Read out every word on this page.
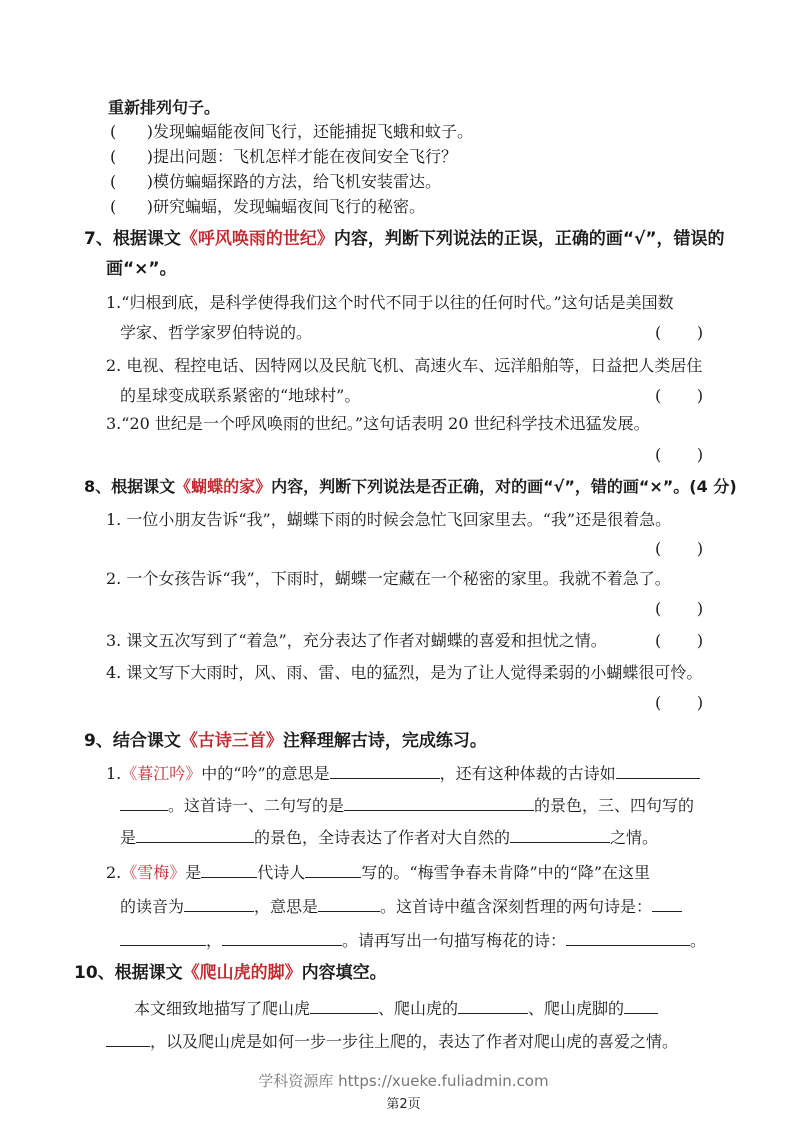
重新排列句子。
(      )发现蝙蝠能夜间飞行，还能捕捉飞蛾和蚊子。
(      )提出问题：飞机怎样才能在夜间安全飞行？
(      )模仿蝙蝠探路的方法，给飞机安装雷达。
(      )研究蝙蝠，发现蝙蝠夜间飞行的秘密。
7、根据课文《呼风唤雨的世纪》内容，判断下列说法的正误，正确的画“√”，错误的
画“×”。
1.“归根到底，是科学使得我们这个时代不同于以往的任何时代。”这句话是美国数
学家、哲学家罗伯特说的。	(       )
2. 电视、程控电话、因特网以及民航飞机、高速火车、远洋船舶等，日益把人类居住
的星球变成联系紧密的“地球村”。	(       )
3.“20 世纪是一个呼风唤雨的世纪。”这句话表明 20 世纪科学技术迅猛发展。
(       )
8、根据课文《蝴蝶的家》内容，判断下列说法是否正确，对的画“√”，错的画“×”。(4 分)
1. 一位小朋友告诉“我”，蝴蝶下雨的时候会急忙飞回家里去。“我”还是很着急。
(       )
2. 一个女孩告诉“我”，下雨时，蝴蝶一定藏在一个秘密的家里。我就不着急了。
(       )
3. 课文五次写到了“着急”，充分表达了作者对蝴蝶的喜爱和担忧之情。	(       )
4. 课文写下大雨时，风、雨、雷、电的猛烈，是为了让人觉得柔弱的小蝴蝶很可怜。
(       )
9、结合课文《古诗三首》注释理解古诗，完成练习。
1.《暮江吟》中的“吟”的意思是	，还有这种体裁的古诗如
。这首诗一、二句写的是	的景色，三、四句写的
是	的景色，全诗表达了作者对大自然的	之情。
2.《雪梅》是	代诗人	写的。“梅雪争春未肯降”中的“降”在这里
的读音为	，意思是	。这首诗中蕴含深刻哲理的两句诗是：
，	。请再写出一句描写梅花的诗：	。
10、根据课文《爬山虎的脚》内容填空。
本文细致地描写了爬山虎	、爬山虎的	、爬山虎脚的
，以及爬山虎是如何一步一步往上爬的，表达了作者对爬山虎的喜爱之情。
学科资源库 https://xueke.fuliadmin.com
第2页
